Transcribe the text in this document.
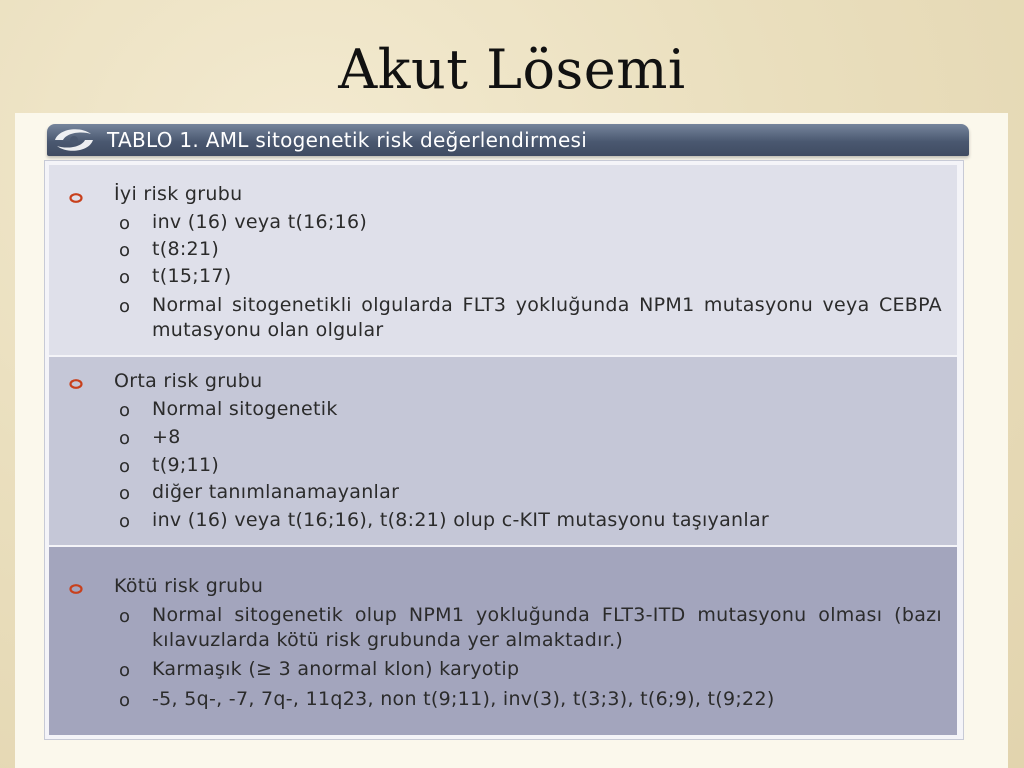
Akut Lösemi
TABLO 1. AML sitogenetik risk değerlendirmesi
İyi risk grubu
o inv (16) veya t(16;16)
o t(8:21)
o t(15;17)
o Normal sitogenetikli olgularda FLT3 yokluğunda NPM1 mutasyonu veya CEBPA mutasyonu olan olgular
Orta risk grubu
o Normal sitogenetik
o +8
o t(9;11)
o diğer tanımlanamayanlar
o inv (16) veya t(16;16), t(8:21) olup c-KIT mutasyonu taşıyanlar
Kötü risk grubu
o Normal sitogenetik olup NPM1 yokluğunda FLT3-ITD mutasyonu olması (bazı kılavuzlarda kötü risk grubunda yer almaktadır.)
o Karmaşık (≥ 3 anormal klon) karyotip
o -5, 5q-, -7, 7q-, 11q23, non t(9;11), inv(3), t(3;3), t(6;9), t(9;22)
